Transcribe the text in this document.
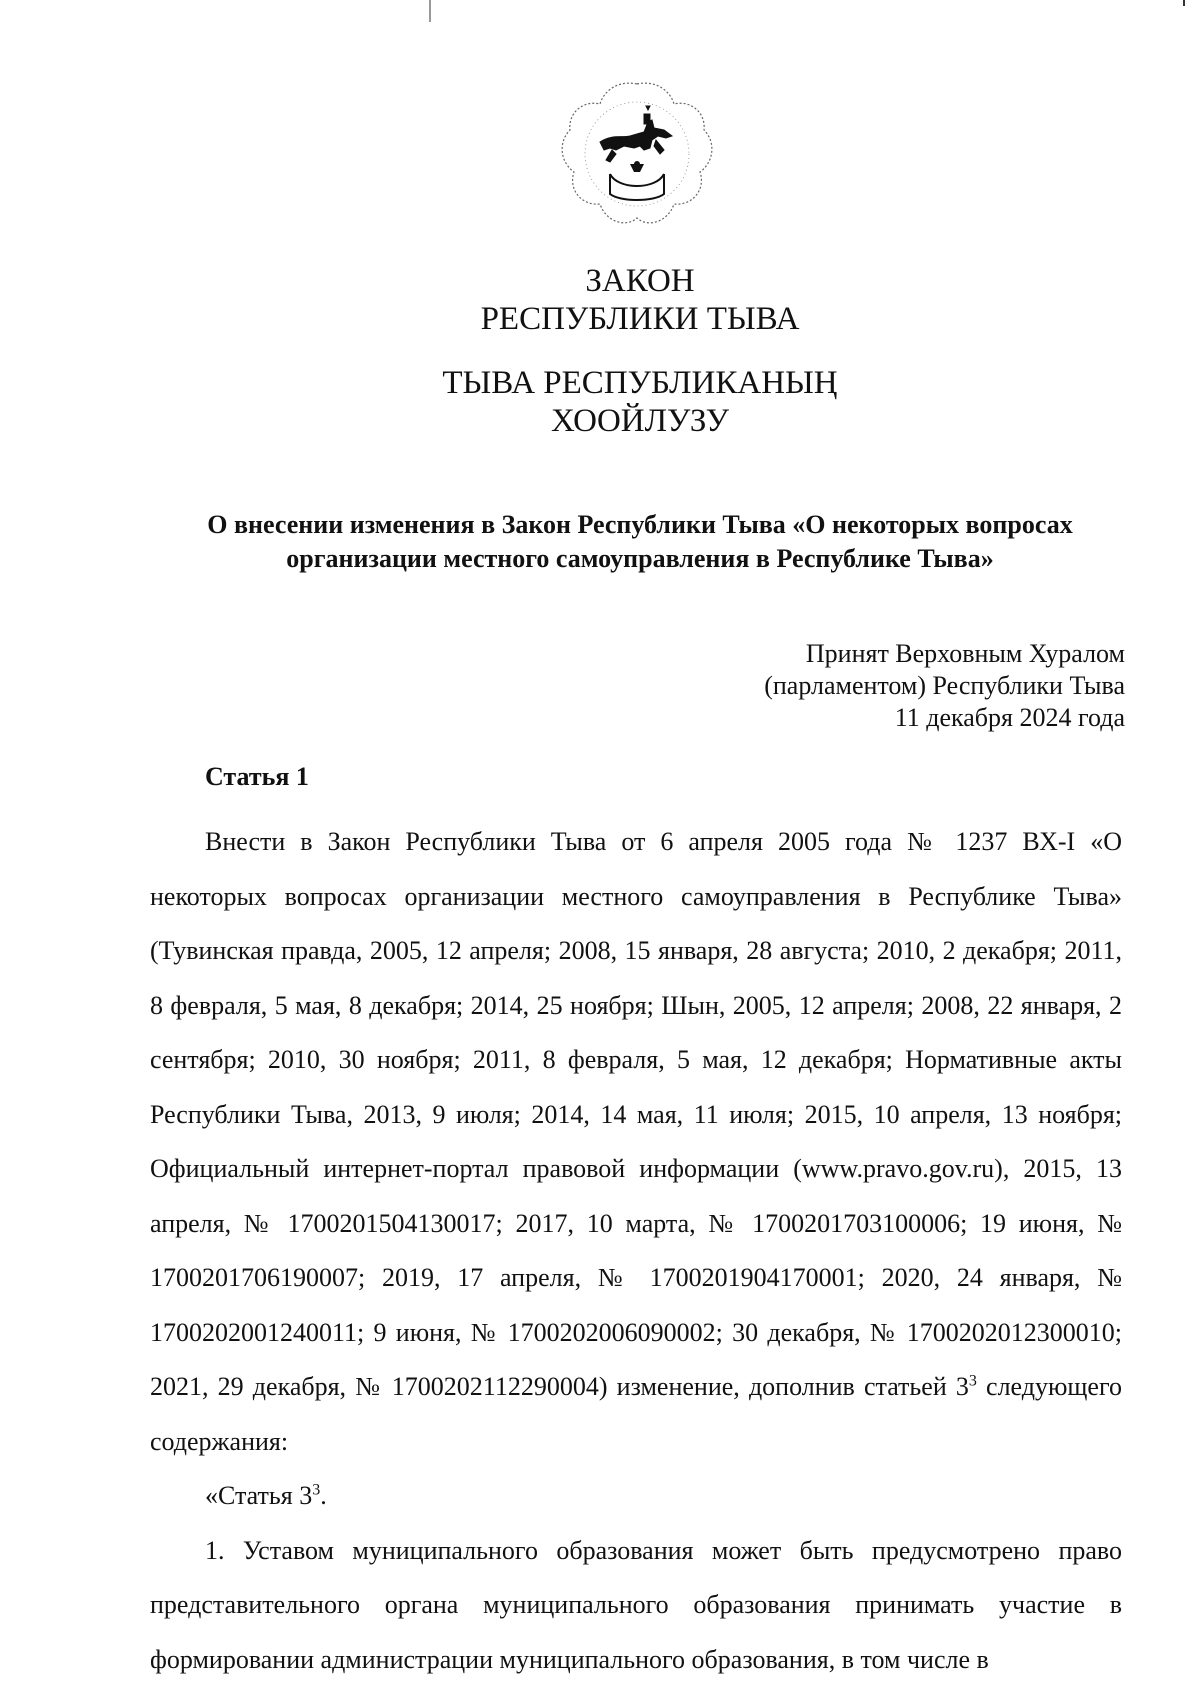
ЗАКОН
РЕСПУБЛИКИ ТЫВА
ТЫВА РЕСПУБЛИКАНЫҢ
ХООЙЛУЗУ
О внесении изменения в Закон Республики Тыва «О некоторых вопросах
организации местного самоуправления в Республике Тыва»
Принят Верховным Хуралом
(парламентом) Республики Тыва
11 декабря 2024 года
Статья 1

Внести в Закон Республики Тыва от 6 апреля 2005 года № 1237 ВХ-I «О некоторых вопросах организации местного самоуправления в Республике Тыва» (Тувинская правда, 2005, 12 апреля; 2008, 15 января, 28 августа; 2010, 2 декабря; 2011, 8 февраля, 5 мая, 8 декабря; 2014, 25 ноября; Шын, 2005, 12 апреля; 2008, 22 января, 2 сентября; 2010, 30 ноября; 2011, 8 февраля, 5 мая, 12 декабря; Нормативные акты Республики Тыва, 2013, 9 июля; 2014, 14 мая, 11 июля; 2015, 10 апреля, 13 ноября; Официальный интернет-портал правовой информации (www.pravo.gov.ru), 2015, 13 апреля, № 1700201504130017; 2017, 10 марта, № 1700201703100006; 19 июня, № 1700201706190007; 2019, 17 апреля, № 1700201904170001; 2020, 24 января, № 1700202001240011; 9 июня, № 1700202006090002; 30 декабря, № 1700202012300010; 2021, 29 декабря, № 1700202112290004) изменение, дополнив статьей $3^3$ следующего содержания:

«Статья $3^3$.

1. Уставом муниципального образования может быть предусмотрено право представительного органа муниципального образования принимать участие в формировании администрации муниципального образования, в том числе в
